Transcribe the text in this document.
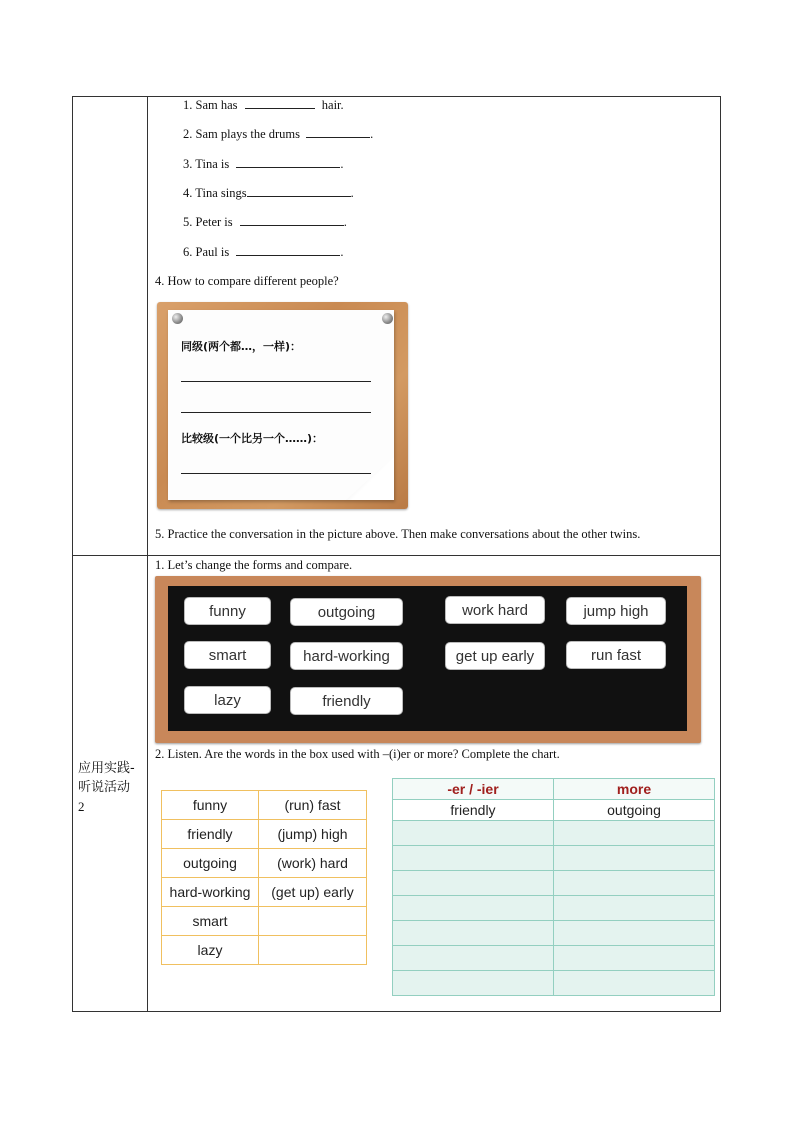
1. Sam has	hair.
2. Sam plays the drums	.
3. Tina is	.
4. Tina sings	.
5. Peter is	.
6. Paul is	.
4. How to compare different people?
同级(两个都…，一样)：
比较级(一个比另一个……)：
5. Practice the conversation in the picture above. Then make conversations about the other twins.
应用实践-
听说活动
2
1. Let’s change the forms and compare.
funny	outgoing	work hard	jump high
smart	hard-working	get up early	run fast
lazy	friendly
2. Listen. Are the words in the box used with –(i)er or more? Complete the chart.
funny	(run) fast
friendly	(jump) high
outgoing	(work) hard
hard-working	(get up) early
smart	
lazy	
-er / -ier	more
friendly	outgoing
